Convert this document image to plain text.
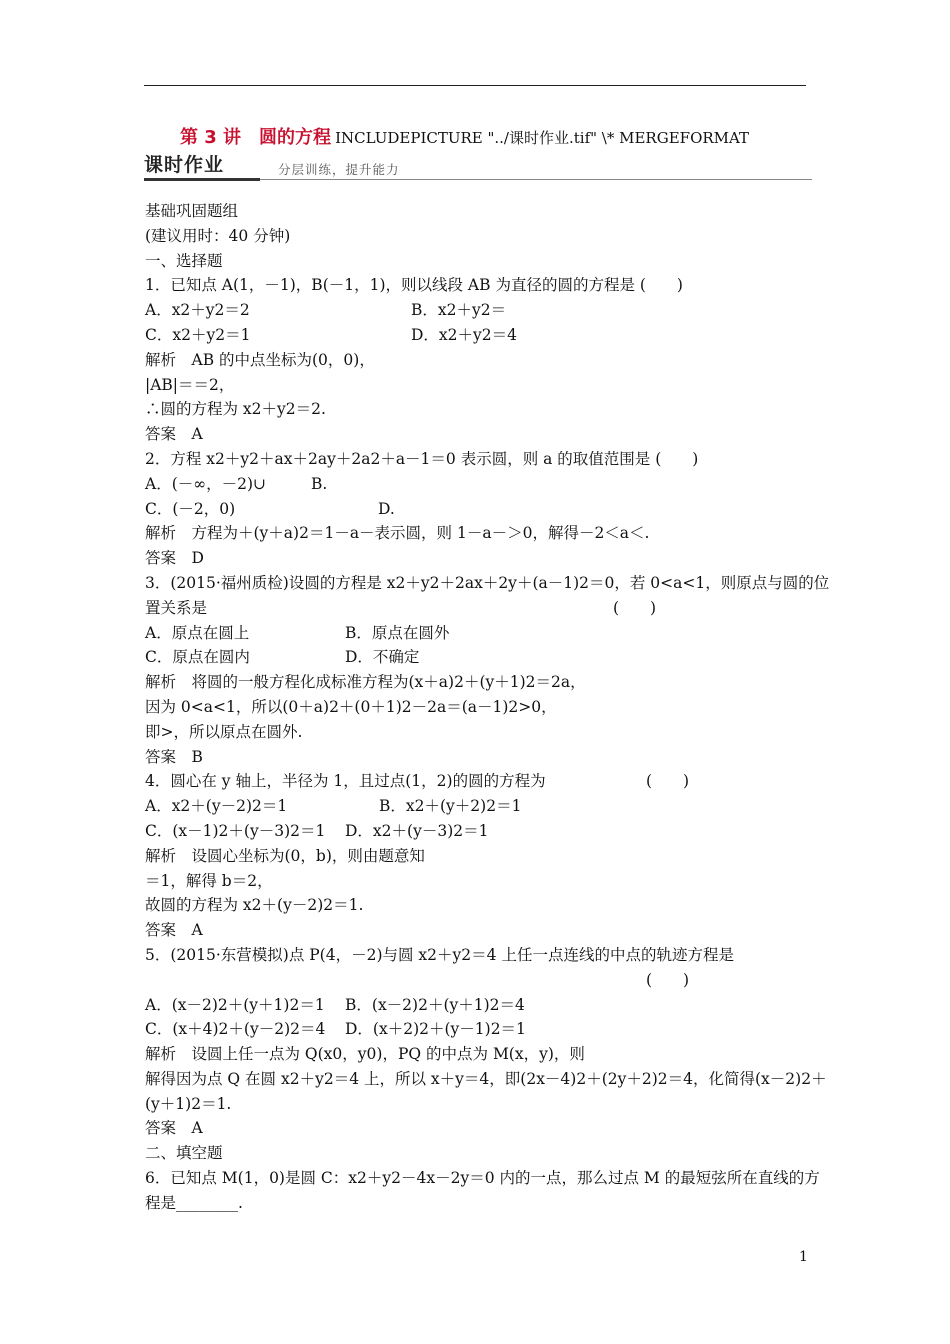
第 3 讲　圆的方程 INCLUDEPICTURE "../课时作业.tif" \* MERGEFORMAT
课时作业	分层训练，提升能力
基础巩固题组
(建议用时：40 分钟)
一、选择题
1．已知点 A(1，－1)，B(－1，1)，则以线段 AB 为直径的圆的方程是 (　　)
A．x2＋y2＝2	B．x2＋y2＝
C．x2＋y2＝1	D．x2＋y2＝4
解析　AB 的中点坐标为(0，0)，
|AB|＝＝2，
∴圆的方程为 x2＋y2＝2.
答案　A
2．方程 x2＋y2＋ax＋2ay＋2a2＋a－1＝0 表示圆，则 a 的取值范围是 (　　)
A．(－∞，－2)∪	B.
C．(－2，0)	D.
解析　方程为＋(y＋a)2＝1－a－表示圆，则 1－a－＞0，解得－2＜a＜.
答案　D
3．(2015·福州质检)设圆的方程是 x2＋y2＋2ax＋2y＋(a－1)2＝0，若 0<a<1，则原点与圆的位
置关系是	(　　)
A．原点在圆上	B．原点在圆外
C．原点在圆内	D．不确定
解析　将圆的一般方程化成标准方程为(x＋a)2＋(y＋1)2＝2a，
因为 0<a<1，所以(0＋a)2＋(0＋1)2－2a＝(a－1)2>0，
即>，所以原点在圆外.
答案　B
4．圆心在 y 轴上，半径为 1，且过点(1，2)的圆的方程为	(　　)
A．x2＋(y－2)2＝1	B．x2＋(y＋2)2＝1
C．(x－1)2＋(y－3)2＝1 D．x2＋(y－3)2＝1
解析　设圆心坐标为(0，b)，则由题意知
＝1，解得 b＝2，
故圆的方程为 x2＋(y－2)2＝1.
答案　A
5．(2015·东营模拟)点 P(4，－2)与圆 x2＋y2＝4 上任一点连线的中点的轨迹方程是
(　　)
A．(x－2)2＋(y＋1)2＝1 B．(x－2)2＋(y＋1)2＝4
C．(x＋4)2＋(y－2)2＝4 D．(x＋2)2＋(y－1)2＝1
解析　设圆上任一点为 Q(x0，y0)，PQ 的中点为 M(x，y)，则
解得因为点 Q 在圆 x2＋y2＝4 上，所以 x＋y＝4，即(2x－4)2＋(2y＋2)2＝4，化简得(x－2)2＋
(y＋1)2＝1.
答案　A
二、填空题
6．已知点 M(1，0)是圆 C：x2＋y2－4x－2y＝0 内的一点，那么过点 M 的最短弦所在直线的方
程是________.
1
